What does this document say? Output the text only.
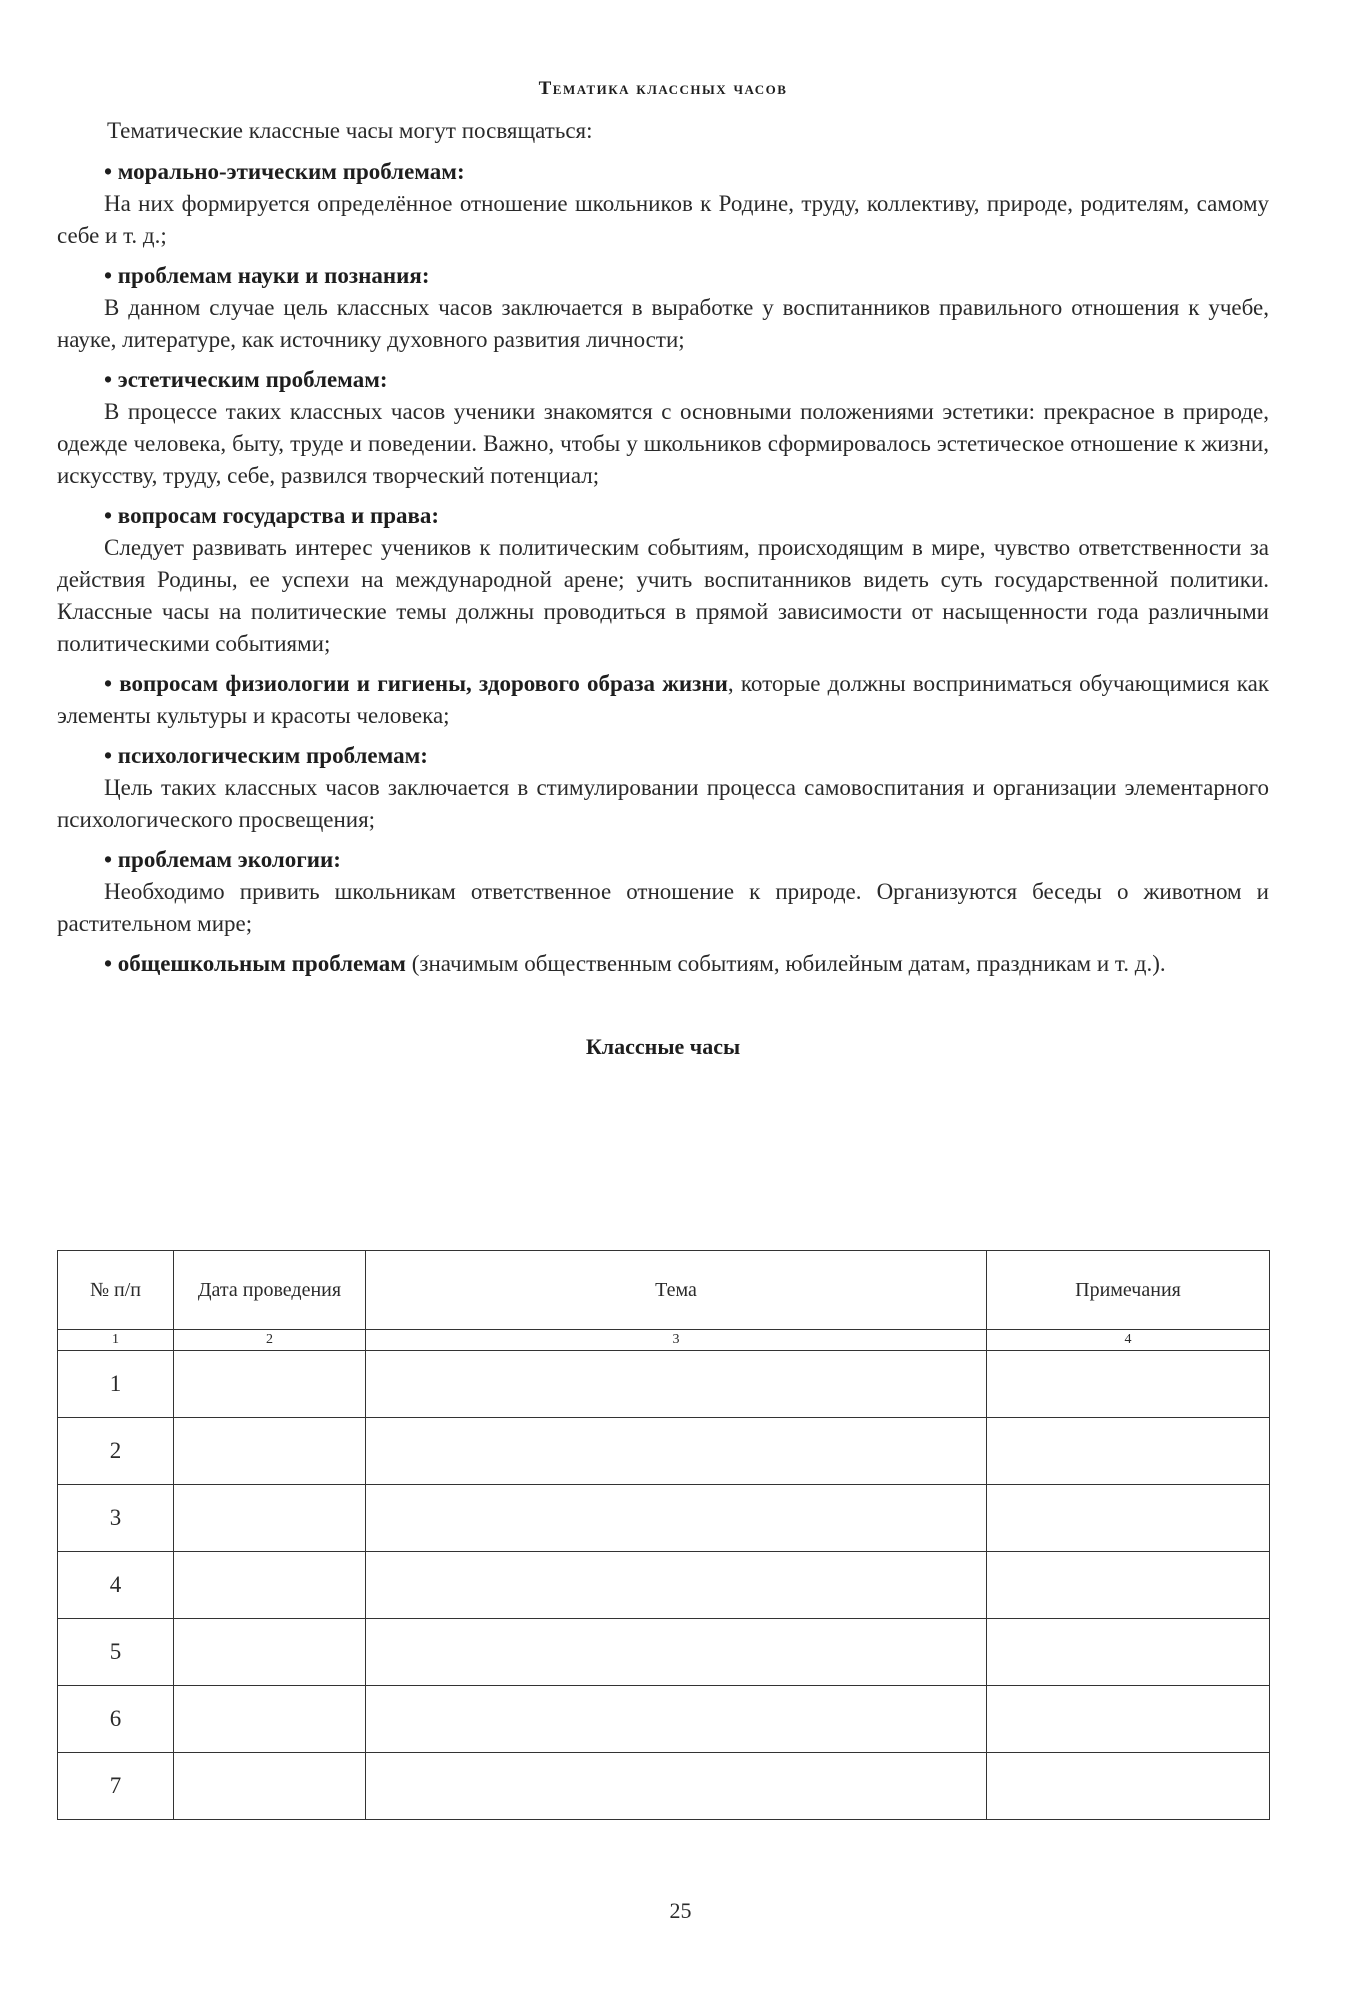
Тематика классных часов

Тематические классные часы могут посвящаться:

• морально-этическим проблемам:

На них формируется определённое отношение школьников к Родине, труду, коллективу, природе, родителям, самому себе и т. д.;

• проблемам науки и познания:

В данном случае цель классных часов заключается в выработке у воспитанников правильного отношения к учебе, науке, литературе, как источнику духовного развития личности;

• эстетическим проблемам:

В процессе таких классных часов ученики знакомятся с основными положениями эстетики: прекрасное в природе, одежде человека, быту, труде и поведении. Важно, чтобы у школьников сформировалось эстетическое отношение к жизни, искусству, труду, себе, развился творческий потенциал;

• вопросам государства и права:

Следует развивать интерес учеников к политическим событиям, происходящим в мире, чувство ответственности за действия Родины, ее успехи на международной арене; учить воспитанников видеть суть государственной политики. Классные часы на политические темы должны проводиться в прямой зависимости от насыщенности года различными политическими событиями;

• вопросам физиологии и гигиены, здорового образа жизни, которые должны восприниматься обучающимися как элементы культуры и красоты человека;

• психологическим проблемам:

Цель таких классных часов заключается в стимулировании процесса самовоспитания и организации элементарного психологического просвещения;

• проблемам экологии:

Необходимо привить школьникам ответственное отношение к природе. Организуются беседы о животном и растительном мире;

• общешкольным проблемам (значимым общественным событиям, юбилейным датам, праздникам и т. д.).

Классные часы
№ п/п	Дата проведения	Тема	Примечания
1	2	3	4
1			
2			
3			
4			
5			
6			
7			
25
